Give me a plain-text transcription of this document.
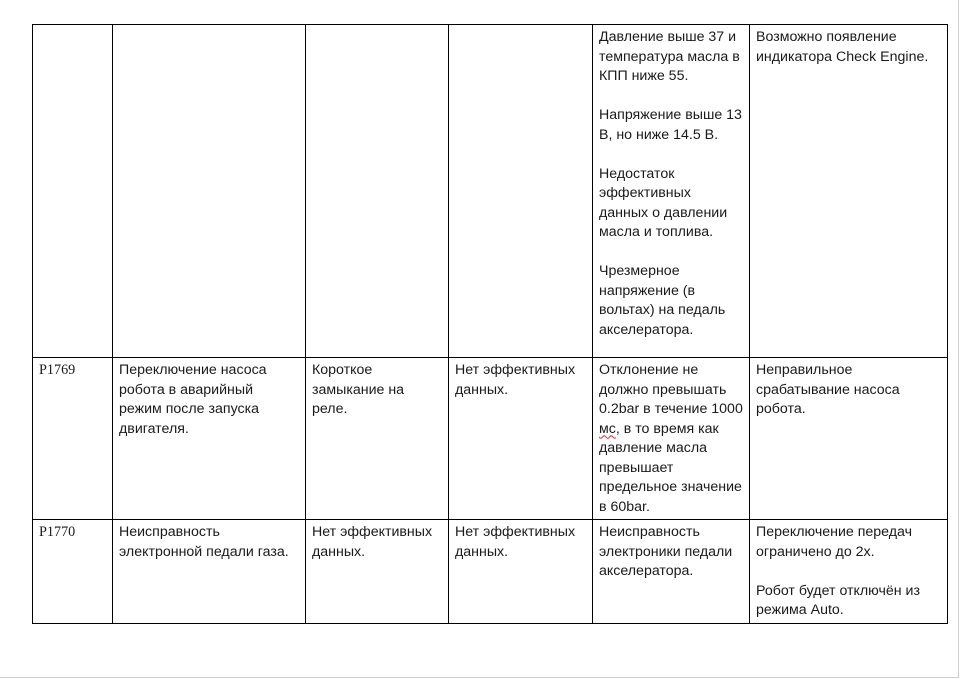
				Давление выше 37 и температура масла в КПП ниже 55.
Напряжение выше 13 В, но ниже 14.5 В.
Недостаток эффективных данных о давлении масла и топлива.
Чрезмерное напряжение (в вольтах) на педаль акселератора.	Возможно появление индикатора Check Engine.

P1769	Переключение насоса робота в аварийный режим после запуска двигателя.	Короткое замыкание на реле.	Нет эффективных данных.	Отклонение не должно превышать 0.2bar в течение 1000 мс, в то время как давление масла превышает предельное значение в 60bar.	Неправильное срабатывание насоса робота.

P1770	Неисправность электронной педали газа.	Нет эффективных данных.	Нет эффективных данных.	Неисправность электроники педали акселератора.	Переключение передач ограничено до 2х.
Робот будет отключён из режима Auto.
